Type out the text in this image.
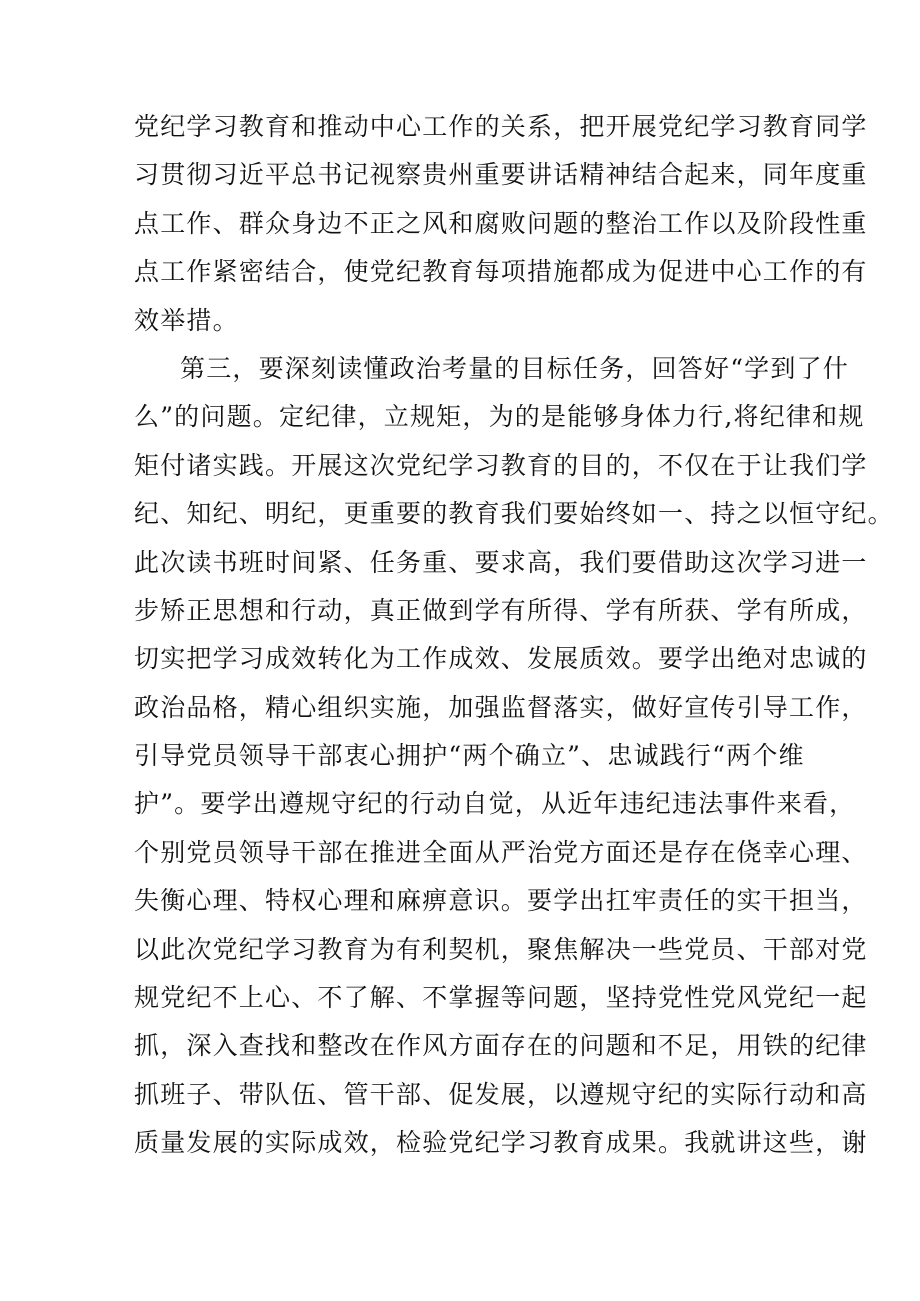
党纪学习教育和推动中心工作的关系，把开展党纪学习教育同学
习贯彻习近平总书记视察贵州重要讲话精神结合起来，同年度重
点工作、群众身边不正之风和腐败问题的整治工作以及阶段性重
点工作紧密结合，使党纪教育每项措施都成为促进中心工作的有
效举措。
第三，要深刻读懂政治考量的目标任务，回答好“学到了什
么”的问题。定纪律，立规矩，为的是能够身体力行,将纪律和规
矩付诸实践。开展这次党纪学习教育的目的，不仅在于让我们学
纪、知纪、明纪，更重要的教育我们要始终如一、持之以恒守纪。
此次读书班时间紧、任务重、要求高，我们要借助这次学习进一
步矫正思想和行动，真正做到学有所得、学有所获、学有所成，
切实把学习成效转化为工作成效、发展质效。要学出绝对忠诚的
政治品格，精心组织实施，加强监督落实，做好宣传引导工作，
引导党员领导干部衷心拥护“两个确立”、忠诚践行“两个维
护”。要学出遵规守纪的行动自觉，从近年违纪违法事件来看，
个别党员领导干部在推进全面从严治党方面还是存在侥幸心理、
失衡心理、特权心理和麻痹意识。要学出扛牢责任的实干担当，
以此次党纪学习教育为有利契机，聚焦解决一些党员、干部对党
规党纪不上心、不了解、不掌握等问题，坚持党性党风党纪一起
抓，深入查找和整改在作风方面存在的问题和不足，用铁的纪律
抓班子、带队伍、管干部、促发展，以遵规守纪的实际行动和高
质量发展的实际成效，检验党纪学习教育成果。我就讲这些，谢
